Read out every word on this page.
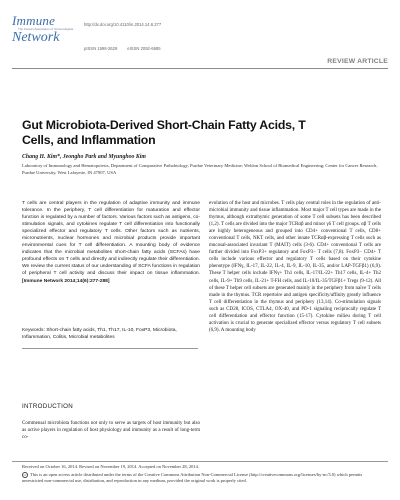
Immune
The Korean Association of Immunologists
Network
http://dx.doi.org/10.4110/in.2014.14.6.277
pISSN 1598-2629 eISSN 2092-6685
REVIEW ARTICLE
Gut Microbiota-Derived Short-Chain Fatty Acids, T Cells, and Inflammation
Chang H. Kim*, Jeongho Park and Myunghoo Kim
Laboratory of Immunology and Hematopoiesis, Department of Comparative Pathobiology, Purdue Veterinary Medicine; Weldon School of Biomedical Engineering; Center for Cancer Research, Purdue University, West Lafayette, IN 47907, USA
T cells are central players in the regulation of adaptive immunity and immune tolerance. In the periphery, T cell differentiation for maturation and effector function is regulated by a number of factors. Various factors such as antigens, co-stimulation signals, and cytokines regulate T cell differentiation into functionally specialized effector and regulatory T cells. Other factors such as nutrients, micronutrients, nuclear hormones and microbial products provide important environmental cues for T cell differentiation. A mounting body of evidence indicates that the microbial metabolites short-chain fatty acids (SCFAs) have profound effects on T cells and directly and indirectly regulate their differentiation. We review the current status of our understanding of SCFA functions in regulation of peripheral T cell activity and discuss their impact on tissue inflammation. [Immune Network 2014;14(6):277-288]
Keywords: Short-chain fatty acids, Th1, Th17, IL-10, FoxP3, Microbiota, Inflammation, Colitis, Microbial metabolites
INTRODUCTION
Commensal microbiota functions not only to serve as targets of host immunity but also as active players in regulation of host physiology and immunity as a result of long-term co-
evolution of the host and microbes. T cells play central roles in the regulation of anti-microbial immunity and tissue inflammation. Most major T cell types are made in the thymus, although extrathymic generation of some T cell subsets has been described (1,2). T cells are divided into the major TCRαβ and minor γδ T cell groups. αβ T cells are highly heterogeneous and grouped into CD4+ conventional T cells, CD8+ conventional T cells, NKT cells, and other innate TCRαβ-expressing T cells such as mucosal-associated invariant T (MAIT) cells (3-6). CD4+ conventional T cells are further divided into FoxP3+ regulatory and FoxP3− T cells (7,8). FoxP3− CD4+ T cells include various effector and regulatory T cells based on their cytokine phenotype (IFNγ, IL-17, IL-22, IL-4, IL-9, IL-10, IL-35, and/or LAP-TGFβ1) (6,9). These T helper cells include IFNγ+ Th1 cells, IL-17/IL-22+ Th17 cells, IL-4+ Th2 cells, IL-9+ Th9 cells, IL-21+ T-FH cells, and IL-10/IL-35/TGFβ1+ Tregs (9-12). All of these T helper cell subsets are generated mainly in the periphery from naïve T cells made in the thymus. TCR repertoire and antigen specificity/affinity greatly influence T cell differentiation in the thymus and periphery (13,14). Co-stimulation signals such as CD28, ICOS, CTLA4, OX-40, and PD-1 signaling reciprocally regulate T cell differentiation and effector function (15-17). Cytokine milieu during T cell activation is crucial to generate specialized effector versus regulatory T cell subsets (6,9). A mounting body
Received on October 16, 2014. Revised on November 19, 2014. Accepted on November 28, 2014.
cc This is an open access article distributed under the terms of the Creative Commons Attribution Non-Commercial License (http://creativecommons.org/licenses/by-nc/3.0) which permits unrestricted non-commercial use, distribution, and reproduction in any medium, provided the original work is properly cited.
